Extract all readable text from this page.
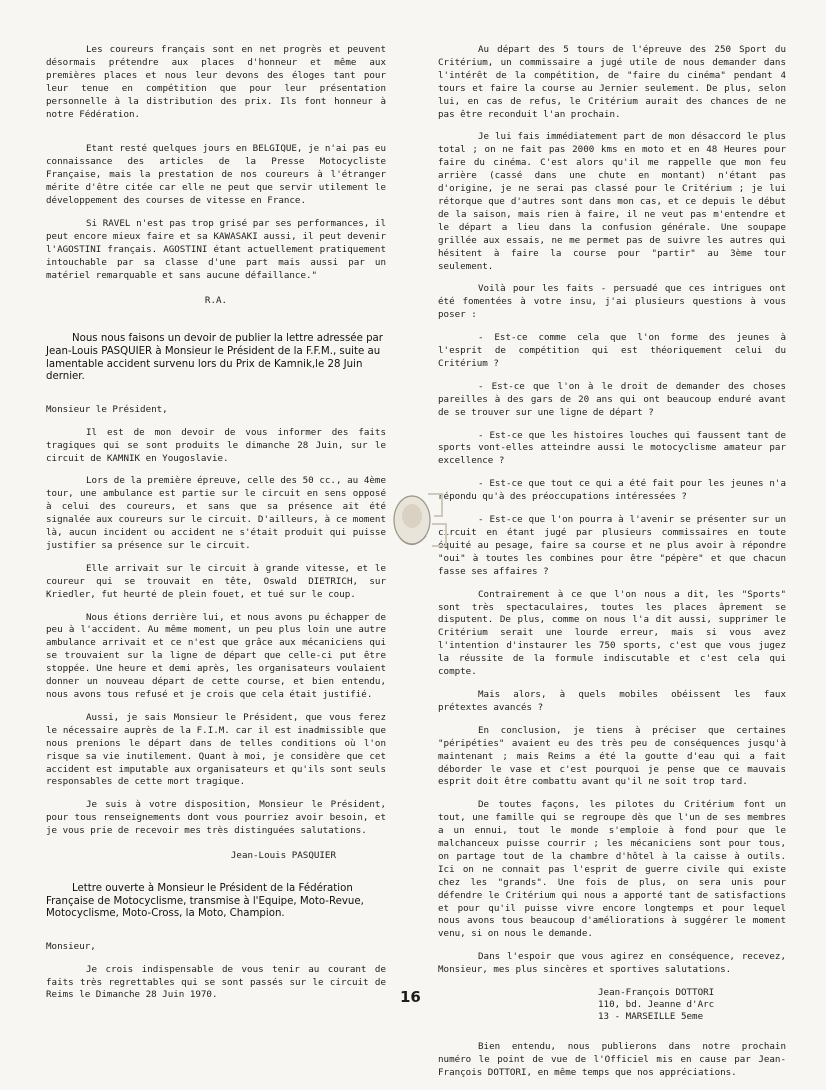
Les coureurs français sont en net progrès et peuvent désormais prétendre aux places d'honneur et même aux premières places et nous leur devons des éloges tant pour leur tenue en compétition que pour leur présentation personnelle à la distribution des prix. Ils font honneur à notre Fédération.

Etant resté quelques jours en BELGIQUE, je n'ai pas eu connaissance des articles de la Presse Motocycliste Française, mais la prestation de nos coureurs à l'étranger mérite d'être citée car elle ne peut que servir utilement le développement des courses de vitesse en France.

Si RAVEL n'est pas trop grisé par ses performances, il peut encore mieux faire et sa KAWASAKI aussi, il peut devenir l'AGOSTINI français. AGOSTINI étant actuellement pratiquement intouchable par sa classe d'une part mais aussi par un matériel remarquable et sans aucune défaillance."

R.A.
Nous nous faisons un devoir de publier la lettre adressée par Jean-Louis PASQUIER à Monsieur le Président de la F.F.M., suite au lamentable accident survenu lors du Prix de Kamnik,le 28 Juin dernier.
Monsieur le Président,

Il est de mon devoir de vous informer des faits tragiques qui se sont produits le dimanche 28 Juin, sur le circuit de KAMNIK en Yougoslavie.

Lors de la première épreuve, celle des 50 cc., au 4ème tour, une ambulance est partie sur le circuit en sens opposé à celui des coureurs, et sans que sa présence ait été signalée aux coureurs sur le circuit. D'ailleurs, à ce moment là, aucun incident ou accident ne s'était produit qui puisse justifier sa présence sur le circuit.

Elle arrivait sur le circuit à grande vitesse, et le coureur qui se trouvait en tête, Oswald DIETRICH, sur Kriedler, fut heurté de plein fouet, et tué sur le coup.

Nous étions derrière lui, et nous avons pu échapper de peu à l'accident. Au même moment, un peu plus loin une autre ambulance arrivait et ce n'est que grâce aux mécaniciens qui se trouvaient sur la ligne de départ que celle-ci put être stoppée. Une heure et demi après, les organisateurs voulaient donner un nouveau départ de cette course, et bien entendu, nous avons tous refusé et je crois que cela était justifié.

Aussi, je sais Monsieur le Président, que vous ferez le nécessaire auprès de la F.I.M. car il est inadmissible que nous prenions le départ dans de telles conditions où l'on risque sa vie inutilement. Quant à moi, je considère que cet accident est imputable aux organisateurs et qu'ils sont seuls responsables de cette mort tragique.

Je suis à votre disposition, Monsieur le Président, pour tous renseignements dont vous pourriez avoir besoin, et je vous prie de recevoir mes très distinguées salutations.

Jean-Louis PASQUIER
Lettre ouverte à Monsieur le Président de la Fédération Française de Motocyclisme, transmise à l'Equipe, Moto-Revue, Motocyclisme, Moto-Cross, la Moto, Champion.
Monsieur,

Je crois indispensable de vous tenir au courant de faits très regrettables qui se sont passés sur le circuit de Reims le Dimanche 28 Juin 1970.

Au départ des 5 tours de l'épreuve des 250 Sport du Critérium, un commissaire a jugé utile de nous demander dans l'intérêt de la compétition, de "faire du cinéma" pendant 4 tours et faire la course au Jernier seulement. De plus, selon lui, en cas de refus, le Critérium aurait des chances de ne pas être reconduit l'an prochain.

Je lui fais immédiatement part de mon désaccord le plus total ; on ne fait pas 2000 kms en moto et en 48 Heures pour faire du cinéma. C'est alors qu'il me rappelle que mon feu arrière (cassé dans une chute en montant) n'étant pas d'origine, je ne serai pas classé pour le Critérium ; je lui rétorque que d'autres sont dans mon cas, et ce depuis le début de la saison, mais rien à faire, il ne veut pas m'entendre et le départ a lieu dans la confusion générale. Une soupape grillée aux essais, ne me permet pas de suivre les autres qui hésitent à faire la course pour "partir" au 3ème tour seulement.

Voilà pour les faits - persuadé que ces intrigues ont été fomentées à votre insu, j'ai plusieurs questions à vous poser :

- Est-ce comme cela que l'on forme des jeunes à l'esprit de compétition qui est théoriquement celui du Critérium ?

- Est-ce que l'on à le droit de demander des choses pareilles à des gars de 20 ans qui ont beaucoup enduré avant de se trouver sur une ligne de départ ?

- Est-ce que les histoires louches qui faussent tant de sports vont-elles atteindre aussi le motocyclisme amateur par excellence ?

- Est-ce que tout ce qui a été fait pour les jeunes n'a répondu qu'à des préoccupations intéressées ?

- Est-ce que l'on pourra à l'avenir se présenter sur un circuit en étant jugé par plusieurs commissaires en toute équité au pesage, faire sa course et ne plus avoir à répondre "oui" à toutes les combines pour être "pépère" et que chacun fasse ses affaires ?

Contrairement à ce que l'on nous a dit, les "Sports" sont très spectaculaires, toutes les places âprement se disputent. De plus, comme on nous l'a dit aussi, supprimer le Critérium serait une lourde erreur, mais si vous avez l'intention d'instaurer les 750 sports, c'est que vous jugez la réussite de la formule indiscutable et c'est cela qui compte.

Mais alors, à quels mobiles obéissent les faux prétextes avancés ?

En conclusion, je tiens à préciser que certaines "péripéties" avaient eu des très peu de conséquences jusqu'à maintenant ; mais Reims a été la goutte d'eau qui a fait déborder le vase et c'est pourquoi je pense que ce mauvais esprit doit être combattu avant qu'il ne soit trop tard.

De toutes façons, les pilotes du Critérium font un tout, une famille qui se regroupe dès que l'un de ses membres a un ennui, tout le monde s'emploie à fond pour que le malchanceux puisse courrir ; les mécaniciens sont pour tous, on partage tout de la chambre d'hôtel à la caisse à outils. Ici on ne connait pas l'esprit de guerre civile qui existe chez les "grands". Une fois de plus, on sera unis pour défendre le Critérium qui nous a apporté tant de satisfactions et pour qu'il puisse vivre encore longtemps et pour lequel nous avons tous beaucoup d'améliorations à suggérer le moment venu, si on nous le demande.

Dans l'espoir que vous agirez en conséquence, recevez, Monsieur, mes plus sincères et sportives salutations.

Jean-François DOTTORI
110, bd. Jeanne d'Arc
13 - MARSEILLE 5eme

Bien entendu, nous publierons dans notre prochain numéro le point de vue de l'Officiel mis en cause par Jean-François DOTTORI, en même temps que nos appréciations.

16
